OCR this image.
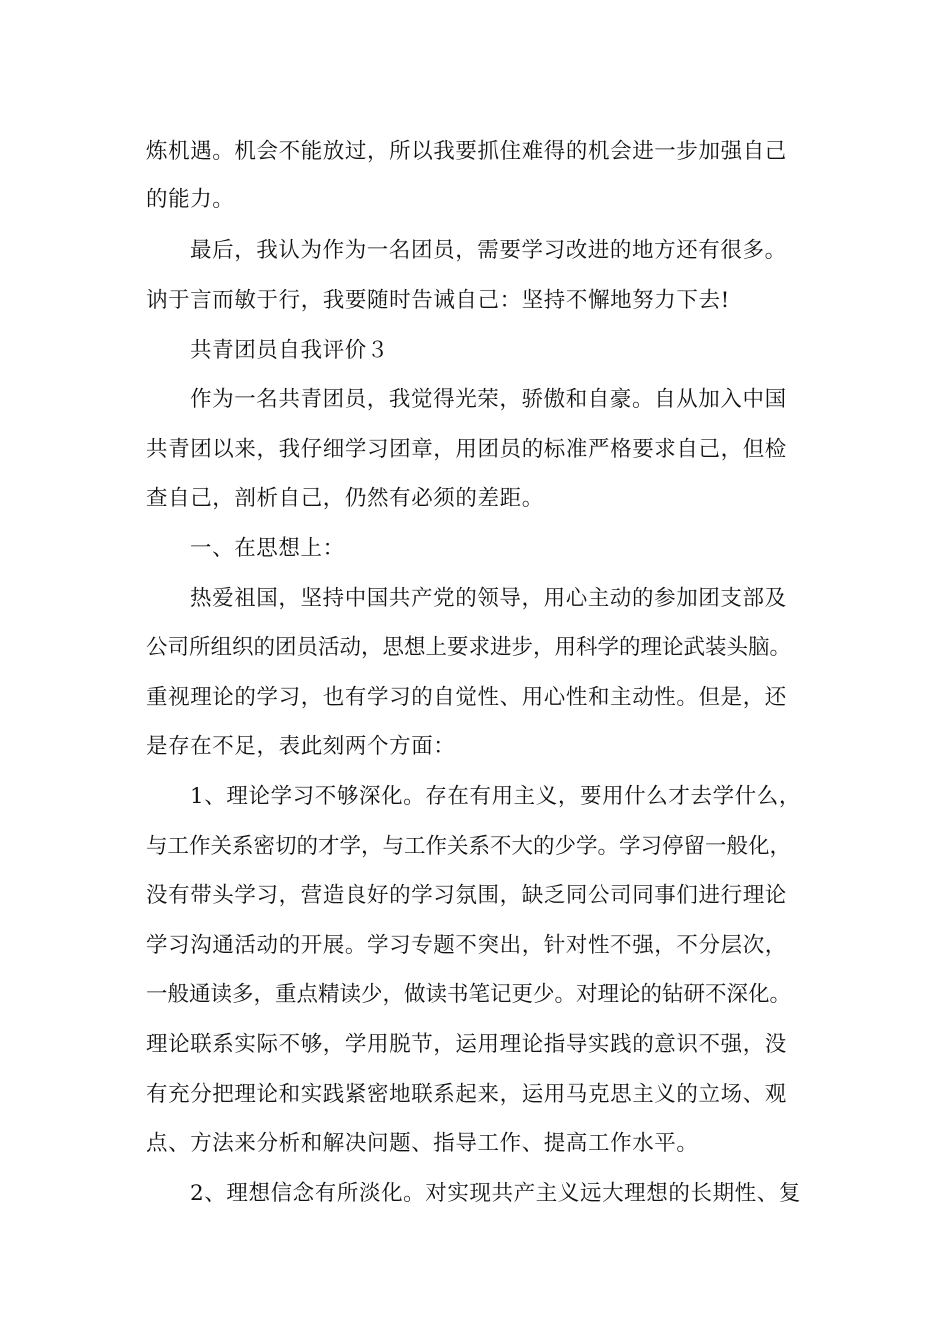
炼机遇。机会不能放过，所以我要抓住难得的机会进一步加强自己
的能力。
最后，我认为作为一名团员，需要学习改进的地方还有很多。
讷于言而敏于行，我要随时告诫自己：坚持不懈地努力下去!
共青团员自我评价３
作为一名共青团员，我觉得光荣，骄傲和自豪。自从加入中国
共青团以来，我仔细学习团章，用团员的标准严格要求自己，但检
查自己，剖析自己，仍然有必须的差距。
一、在思想上：
热爱祖国，坚持中国共产党的领导，用心主动的参加团支部及
公司所组织的团员活动，思想上要求进步，用科学的理论武装头脑。
重视理论的学习，也有学习的自觉性、用心性和主动性。但是，还
是存在不足，表此刻两个方面：
1、理论学习不够深化。存在有用主义，要用什么才去学什么，
与工作关系密切的才学，与工作关系不大的少学。学习停留一般化，
没有带头学习，营造良好的学习氛围，缺乏同公司同事们进行理论
学习沟通活动的开展。学习专题不突出，针对性不强，不分层次，
一般通读多，重点精读少，做读书笔记更少。对理论的钻研不深化。
理论联系实际不够，学用脱节，运用理论指导实践的意识不强，没
有充分把理论和实践紧密地联系起来，运用马克思主义的立场、观
点、方法来分析和解决问题、指导工作、提高工作水平。
2、理想信念有所淡化。对实现共产主义远大理想的长期性、复
